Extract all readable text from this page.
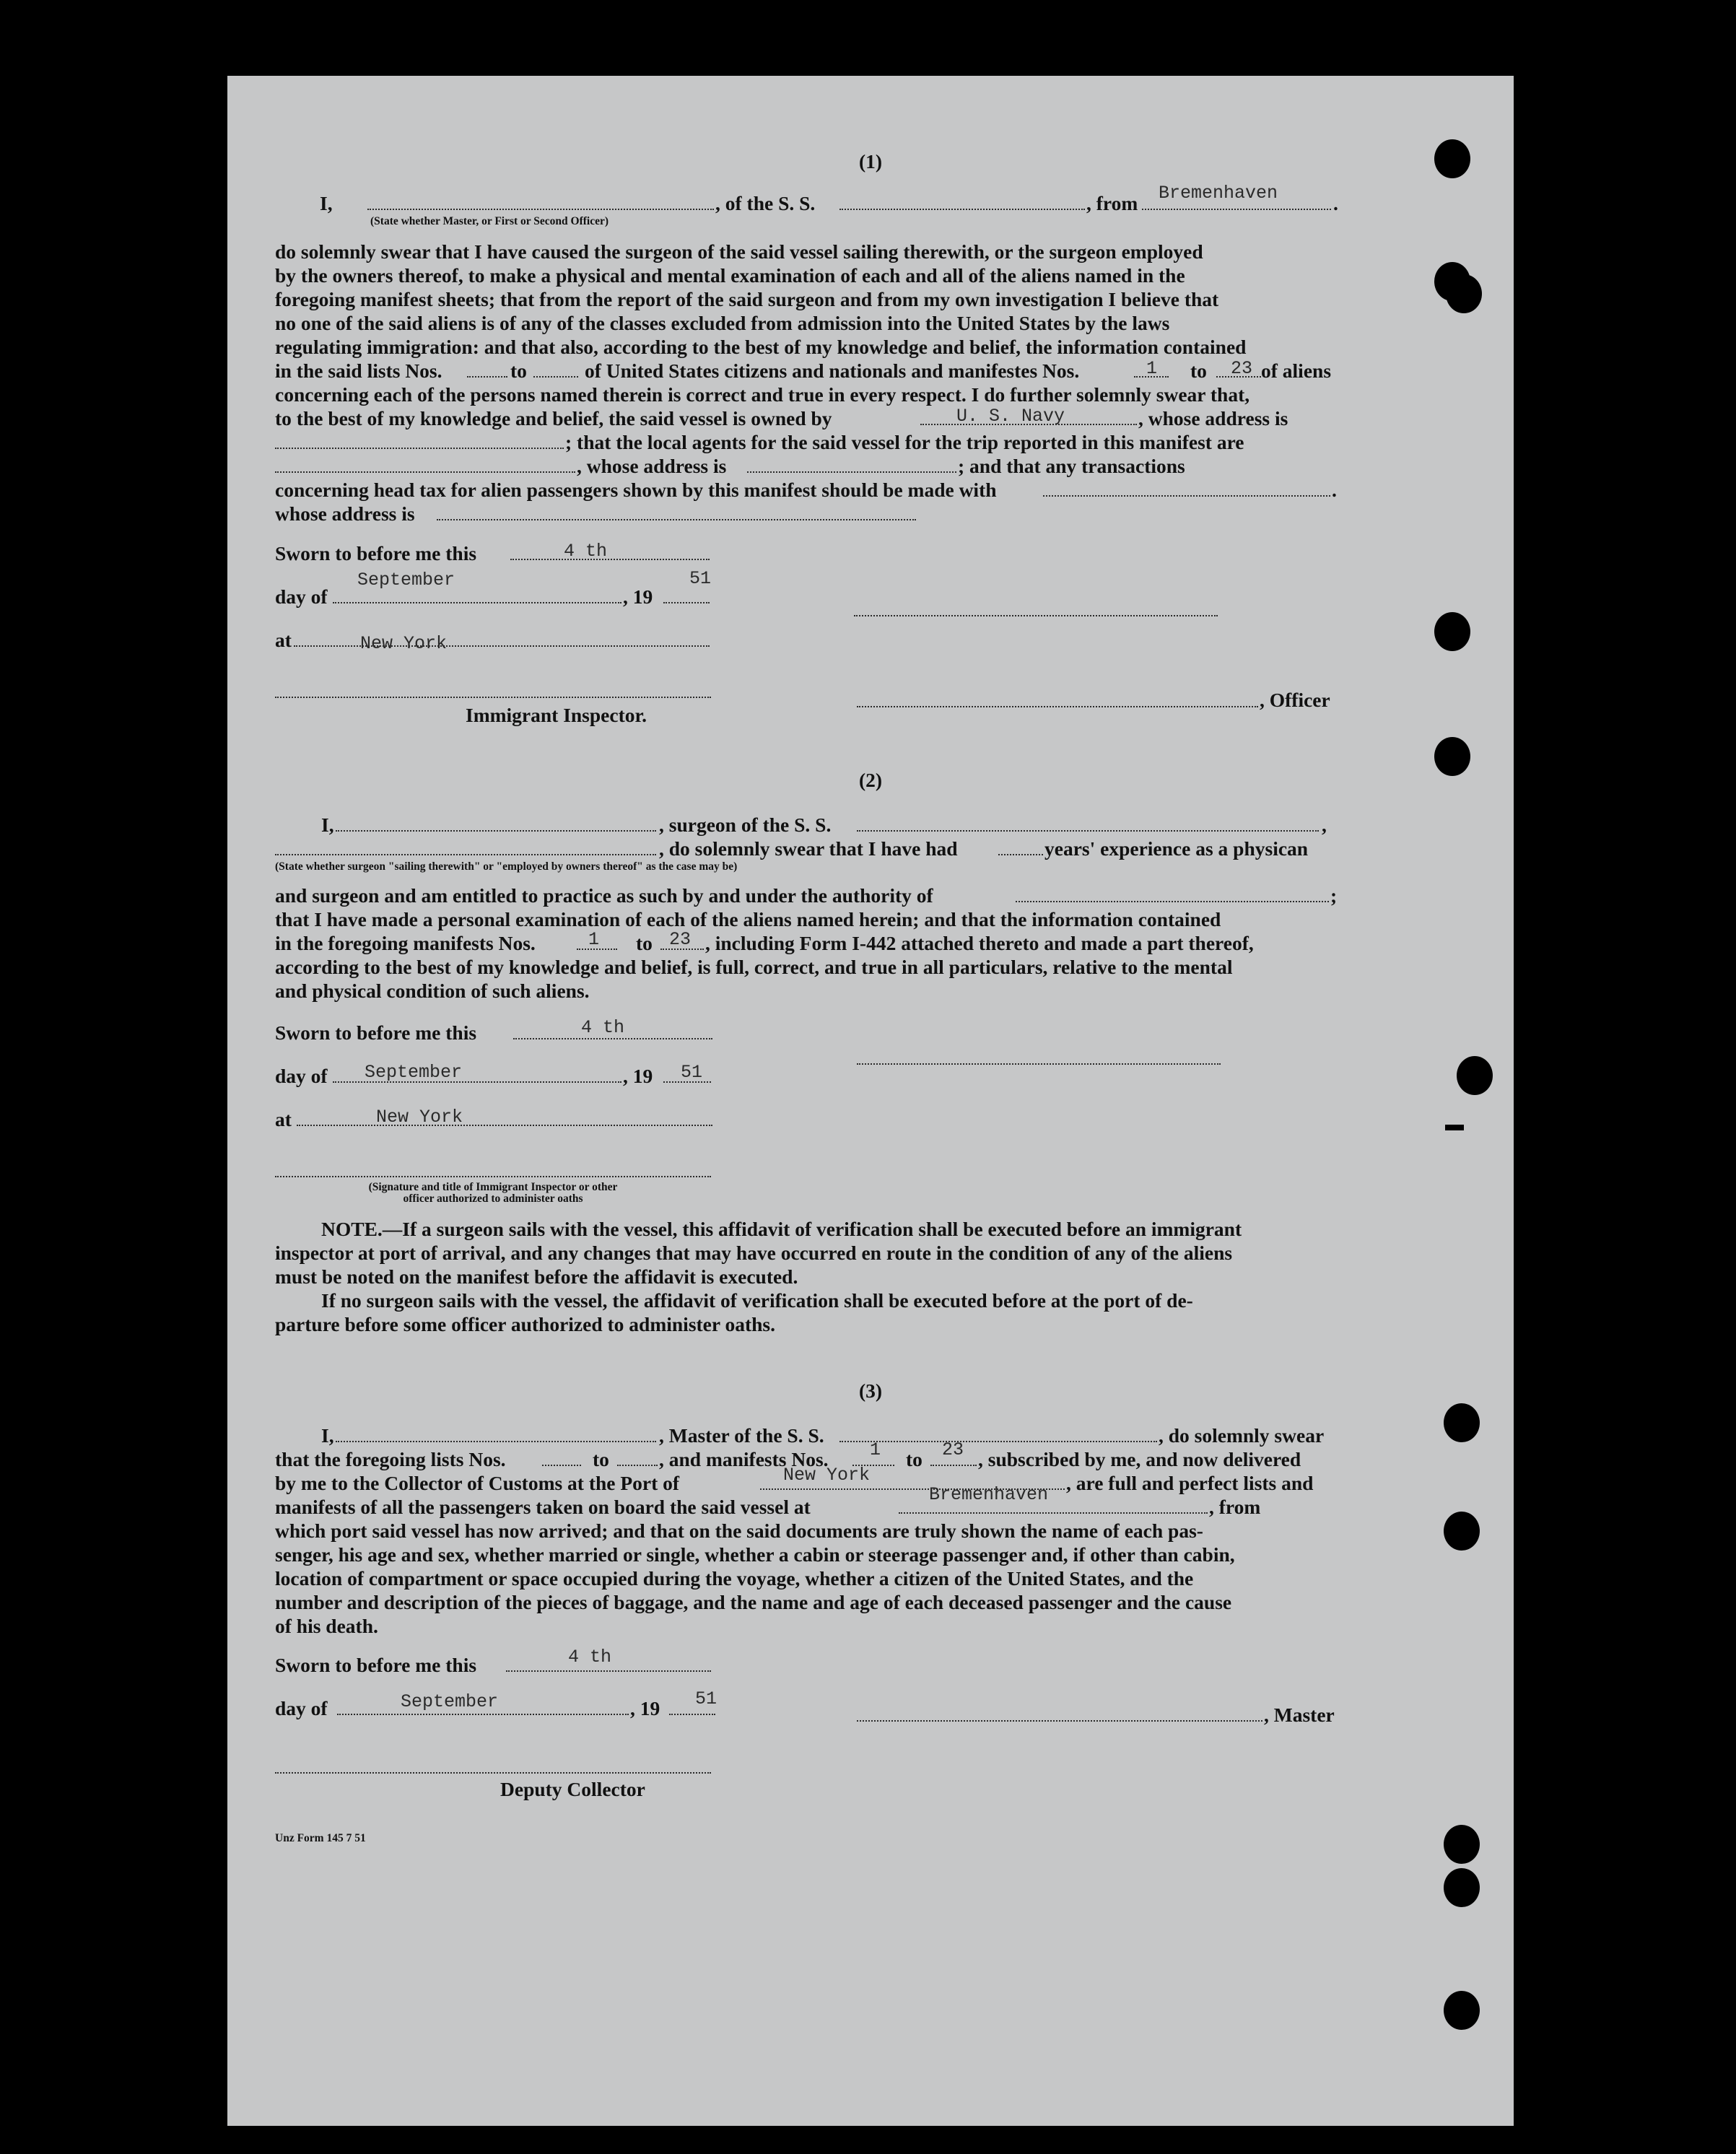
(1)
I,	, of the S. S.	, from Bremenhaven	.
(State whether Master, or First or Second Officer)
do solemnly swear that I have caused the surgeon of the said vessel sailing therewith, or the surgeon employed
by the owners thereof, to make a physical and mental examination of each and all of the aliens named in the
foregoing manifest sheets; that from the report of the said surgeon and from my own investigation I believe that
no one of the said aliens is of any of the classes excluded from admission into the United States by the laws
regulating immigration: and that also, according to the best of my knowledge and belief, the information contained
in the said lists Nos.	to	of United States citizens and nationals and manifestes Nos.	1 to 23 of aliens
concerning each of the persons named therein is correct and true in every respect. I do further solemnly swear that,
to the best of my knowledge and belief, the said vessel is owned by	U. S. Navy	, whose address is
; that the local agents for the said vessel for the trip reported in this manifest are
, whose address is	; and that any transactions
concerning head tax for alien passengers shown by this manifest should be made with	.
whose address is
Sworn to before me this	4 th
day of
September
, 19
51
at	New York
, Officer
Immigrant Inspector.
(2)
I,	, surgeon of the S. S.	,
, do solemnly swear that I have had	years' experience as a physican
(State whether surgeon "sailing therewith" or "employed by owners thereof" as the case may be)
and surgeon and am entitled to practice as such by and under the authority of	;
that I have made a personal examination of each of the aliens named herein; and that the information contained
in the foregoing manifests Nos.	1 to 23 , including Form I-442 attached thereto and made a part thereof,
according to the best of my knowledge and belief, is full, correct, and true in all particulars, relative to the mental
and physical condition of such aliens.
Sworn to before me this	4 th
day of September	, 19 51
at	New York
(Signature and title of Immigrant Inspector or other
officer authorized to administer oaths
NOTE.—If a surgeon sails with the vessel, this affidavit of verification shall be executed before an immigrant
inspector at port of arrival, and any changes that may have occurred en route in the condition of any of the aliens
must be noted on the manifest before the affidavit is executed.
If no surgeon sails with the vessel, the affidavit of verification shall be executed before at the port of de-
parture before some officer authorized to administer oaths.
(3)
I,	, Master of the S. S.	, do solemnly swear
that the foregoing lists Nos.	to	, and manifests Nos. 1 to 23 , subscribed by me, and now delivered
by me to the Collector of Customs at the Port of	New York	, are full and perfect lists and
manifests of all the passengers taken on board the said vessel at
Bremenhaven
, from
which port said vessel has now arrived; and that on the said documents are truly shown the name of each pas-
senger, his age and sex, whether married or single, whether a cabin or steerage passenger and, if other than cabin,
location of compartment or space occupied during the voyage, whether a citizen of the United States, and the
number and description of the pieces of baggage, and the name and age of each deceased passenger and the cause
of his death.
Sworn to before me this	4 th
day of	September	, 19 51
, Master
Deputy Collector
Unz Form 145 7 51
